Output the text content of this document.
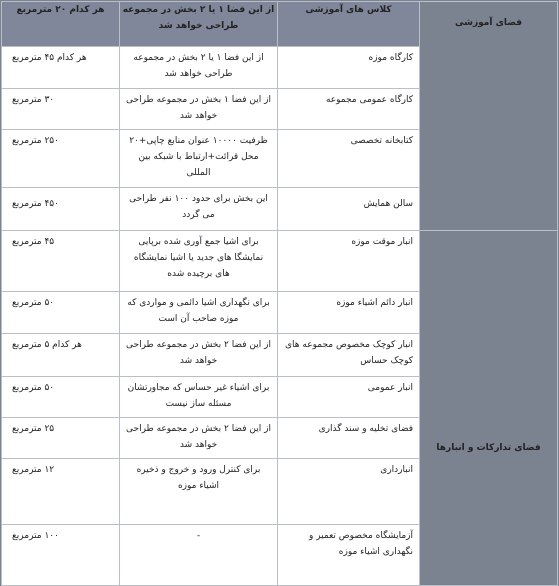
فضای آموزشی	کلاس های آموزشی	از این فضا ۱ یا ۲ بخش در مجموعه طراحی خواهد شد	هر کدام ۲۰ مترمربع

	کارگاه موزه	از این فضا ۱ یا ۲ بخش در مجموعه طراحی خواهد شد	هر کدام ۴۵ مترمربع

	کارگاه عمومی مجموعه	از این فضا ۱ بخش در مجموعه طراحی خواهد شد	۳۰ مترمربع

	کتابخانه تخصصی	ظرفیت ۱۰۰۰۰ عنوان منابع چاپی+۲۰ محل قرائت+ارتباط با شبکه بین المللی	۲۵۰ مترمربع

	سالن همایش	این بخش برای حدود ۱۰۰ نفر طراحی می گردد	۴۵۰ مترمربع

فضای تدارکات و انبارها	انبار موقت موزه	برای اشیا جمع آوری شده برپایی نمایشگا های جدید یا اشیا نمایشگاه های برچیده شده	۴۵ مترمربع

	انبار دائم اشیاء موزه	برای نگهداری اشیا دائمی و مواردی که موزه صاحب آن است	۵۰ مترمربع

	انبار کوچک مخصوص مجموعه های کوچک حساس	از این فضا ۲ بخش در مجموعه طراحی خواهد شد	هر کدام ۵ مترمربع

	انبار عمومی	برای اشیاء غیر حساس که مجاورتشان مسئله ساز نیست	۵۰ مترمربع

	فضای تخلیه و سند گذاری	از این فضا ۲ بخش در مجموعه طراحی خواهد شد	۲۵ مترمربع

	انبارداری	برای کنترل ورود و خروج و ذخیره اشیاء موزه	۱۲ مترمربع

	آزمایشگاه مخصوص تعمیر و نگهداری اشیاء موزه	-	۱۰۰ مترمربع
